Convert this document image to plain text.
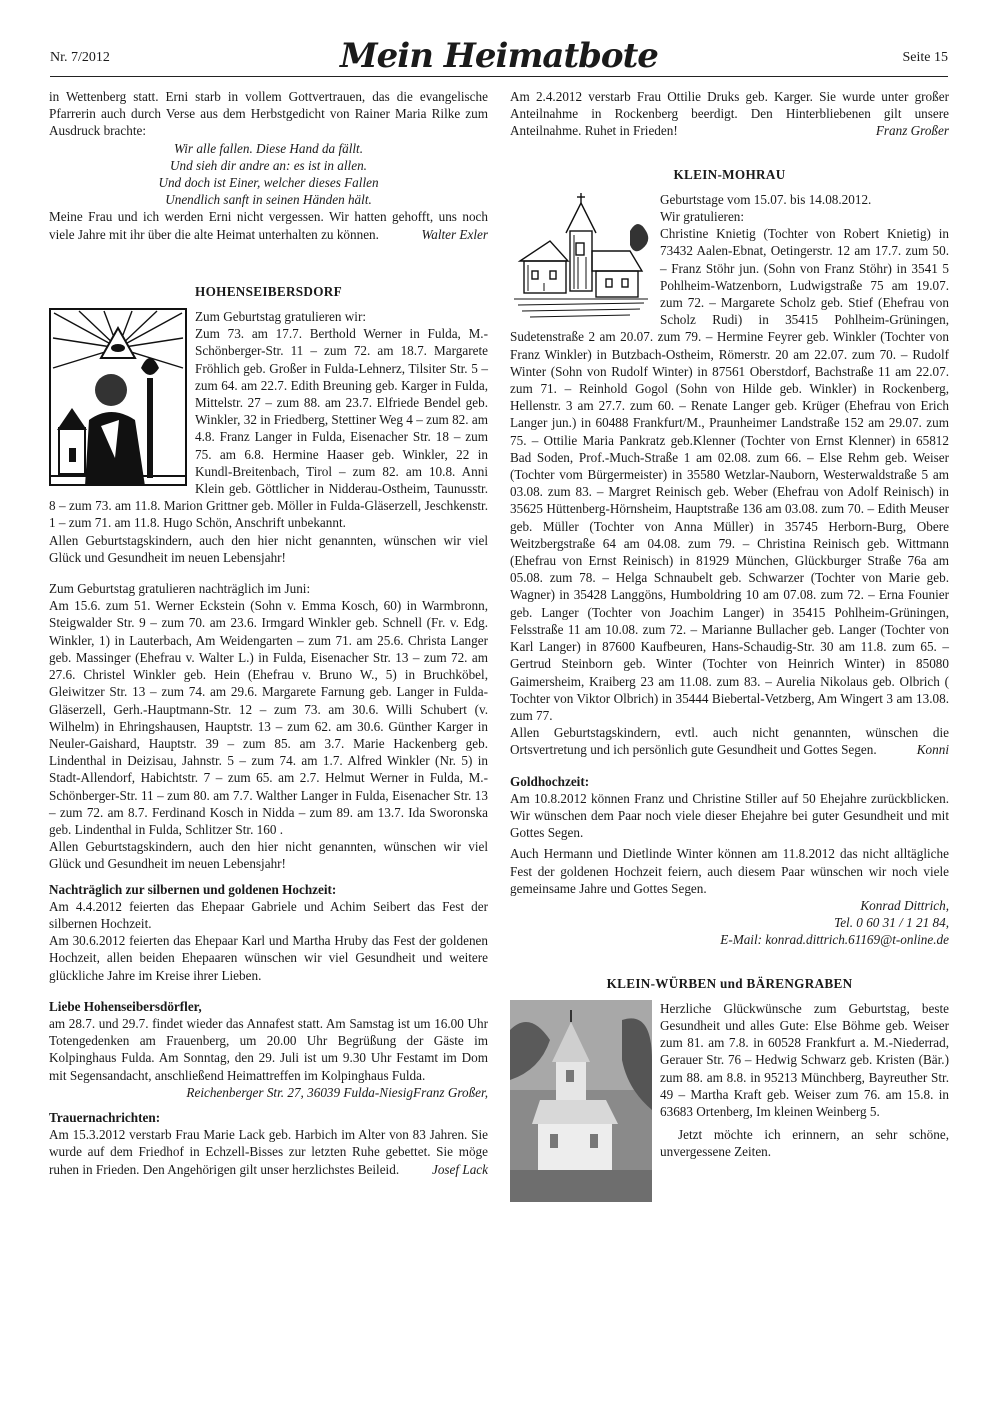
Nr. 7/2012	Mein Heimatbote	Seite 15

in Wettenberg statt. Erni starb in vollem Gottvertrauen, das die evangelische Pfarrerin auch durch Verse aus dem Herbstgedicht von Rainer Maria Rilke zum Ausdruck brachte:

Wir alle fallen. Diese Hand da fällt.
Und sieh dir andre an: es ist in allen.
Und doch ist Einer, welcher dieses Fallen
Unendlich sanft in seinen Händen hält.

Meine Frau und ich werden Erni nicht vergessen. Wir hatten gehofft, uns noch viele Jahre mit ihr über die alte Heimat unterhalten zu können.	Walter Exler

HOHENSEIBERSDORF

Zum Geburtstag gratulieren wir:
Zum 73. am 17.7. Berthold Werner in Fulda, M.-Schönberger-Str. 11 – zum 72. am 18.7. Margarete Fröhlich geb. Großer in Fulda-Lehnerz, Tilsiter Str. 5 – zum 64. am 22.7. Edith Breuning geb. Karger in Fulda, Mittelstr. 27 – zum 88. am 23.7. Elfriede Bendel geb. Winkler, 32 in Friedberg, Stettiner Weg 4 – zum 82. am 4.8. Franz Langer in Fulda, Eisenacher Str. 18 – zum 75. am 6.8. Hermine Haaser geb. Winkler, 22 in Kundl-Breitenbach, Tirol – zum 82. am 10.8. Anni Klein geb. Göttlicher in Nidderau-Ostheim, Taunusstr. 8 – zum 73. am 11.8. Marion Grittner geb. Möller in Fulda-Gläserzell, Jeschkenstr. 1 – zum 71. am 11.8. Hugo Schön, Anschrift unbekannt.

Allen Geburtstagskindern, auch den hier nicht genannten, wünschen wir viel Glück und Gesundheit im neuen Lebensjahr!

Zum Geburtstag gratulieren nachträglich im Juni:

Am 15.6. zum 51. Werner Eckstein (Sohn v. Emma Kosch, 60) in Warmbronn, Steigwalder Str. 9 – zum 70. am 23.6. Irmgard Winkler geb. Schnell (Fr. v. Edg. Winkler, 1) in Lauterbach, Am Weidengarten – zum 71. am 25.6. Christa Langer geb. Massinger (Ehefrau v. Walter L.) in Fulda, Eisenacher Str. 13 – zum 72. am 27.6. Christel Winkler geb. Hein (Ehefrau v. Bruno W., 5) in Bruchköbel, Gleiwitzer Str. 13 – zum 74. am 29.6. Margarete Farnung geb. Langer in Fulda-Gläserzell, Gerh.-Hauptmann-Str. 12 – zum 73. am 30.6. Willi Schubert (v. Wilhelm) in Ehringshausen, Hauptstr. 13 – zum 62. am 30.6. Günther Karger in Neuler-Gaishard, Hauptstr. 39 – zum 85. am 3.7. Marie Hackenberg geb. Lindenthal in Deizisau, Jahnstr. 5 – zum 74. am 1.7. Alfred Winkler (Nr. 5) in Stadt-Allendorf, Habichtstr. 7 – zum 65. am 2.7. Helmut Werner in Fulda, M.-Schönberger-Str. 11 – zum 80. am 7.7. Walther Langer in Fulda, Eisenacher Str. 13 – zum 72. am 8.7. Ferdinand Kosch in Nidda – zum 89. am 13.7. Ida Sworonska geb. Lindenthal in Fulda, Schlitzer Str. 160 .

Allen Geburtstagskindern, auch den hier nicht genannten, wünschen wir viel Glück und Gesundheit im neuen Lebensjahr!

Nachträglich zur silbernen und goldenen Hochzeit:

Am 4.4.2012 feierten das Ehepaar Gabriele und Achim Seibert das Fest der silbernen Hochzeit.

Am 30.6.2012 feierten das Ehepaar Karl und Martha Hruby das Fest der goldenen Hochzeit, allen beiden Ehepaaren wünschen wir viel Gesundheit und weitere glückliche Jahre im Kreise ihrer Lieben.

Liebe Hohenseibersdörfler,

am 28.7. und 29.7. findet wieder das Annafest statt. Am Samstag ist um 16.00 Uhr Totengedenken am Frauenberg, um 20.00 Uhr Begrüßung der Gäste im Kolpinghaus Fulda. Am Sonntag, den 29. Juli ist um 9.30 Uhr Festamt im Dom mit Segensandacht, anschließend Heimattreffen im Kolpinghaus Fulda.
Franz Großer,

Reichenberger Str. 27, 36039 Fulda-Niesig

Trauernachrichten:

Am 15.3.2012 verstarb Frau Marie Lack geb. Harbich im Alter von 83 Jahren. Sie wurde auf dem Friedhof in Echzell-Bisses zur letzten Ruhe gebettet. Sie möge ruhen in Frieden. Den Angehörigen gilt unser herzlichstes Beileid. Josef Lack

Am 2.4.2012 verstarb Frau Ottilie Druks geb. Karger. Sie wurde unter großer Anteilnahme in Rockenberg beerdigt. Den Hinterbliebenen gilt unsere Anteilnahme. Ruhet in Frieden!	Franz Großer

KLEIN-MOHRAU

Geburtstage vom 15.07. bis 14.08.2012.
Wir gratulieren:

Christine Knietig (Tochter von Robert Knietig) in 73432 Aalen-Ebnat, Oetingerstr. 12 am 17.7. zum 50. – Franz Stöhr jun. (Sohn von Franz Stöhr) in 3541 5 Pohlheim-Watzenborn, Ludwigstraße 75 am 19.07. zum 72. – Margarete Scholz geb. Stief (Ehefrau von Scholz Rudi) in 35415 Pohlheim-Grüningen, Sudetenstraße 2 am 20.07. zum 79. – Hermine Feyrer geb. Winkler (Tochter von Franz Winkler) in Butzbach-Ostheim, Römerstr. 20 am 22.07. zum 70. – Rudolf Winter (Sohn von Rudolf Winter) in 87561 Oberstdorf, Bachstraße 11 am 22.07. zum 71. – Reinhold Gogol (Sohn von Hilde geb. Winkler) in Rockenberg, Hellenstr. 3 am 27.7. zum 60. – Renate Langer geb. Krüger (Ehefrau von Erich Langer jun.) in 60488 Frankfurt/M., Praunheimer Landstraße 152 am 29.07. zum 75. – Ottilie Maria Pankratz geb.Klenner (Tochter von Ernst Klenner) in 65812 Bad Soden, Prof.-Much-Straße 1 am 02.08. zum 66. – Else Rehm geb. Weiser (Tochter vom Bürgermeister) in 35580 Wetzlar-Nauborn, Westerwaldstraße 5 am 03.08. zum 83. – Margret Reinisch geb. Weber (Ehefrau von Adolf Reinisch) in 35625 Hüttenberg-Hörnsheim, Hauptstraße 136 am 03.08. zum 70. – Edith Meuser geb. Müller (Tochter von Anna Müller) in 35745 Herborn-Burg, Obere Weitzbergstraße 64 am 04.08. zum 79. – Christina Reinisch geb. Wittmann (Ehefrau von Ernst Reinisch) in 81929 München, Glückburger Straße 76a am 05.08. zum 78. – Helga Schnaubelt geb. Schwarzer (Tochter von Marie geb. Wagner) in 35428 Langgöns, Humboldring 10 am 07.08. zum 72. – Erna Founier geb. Langer (Tochter von Joachim Langer) in 35415 Pohlheim-Grüningen, Felsstraße 11 am 10.08. zum 72. – Marianne Bullacher geb. Langer (Tochter von Karl Langer) in 87600 Kaufbeuren, Hans-Schaudig-Str. 30 am 11.8. zum 65. – Gertrud Steinborn geb. Winter (Tochter von Heinrich Winter) in 85080 Gaimersheim, Kraiberg 23 am 11.08. zum 83. – Aurelia Nikolaus geb. Olbrich ( Tochter von Viktor Olbrich) in 35444 Biebertal-Vetzberg, Am Wingert 3 am 13.08. zum 77.

Allen Geburtstagskindern, evtl. auch nicht genannten, wünschen die Ortsvertretung und ich persönlich gute Gesundheit und Gottes Segen.	Konni

Goldhochzeit:

Am 10.8.2012 können Franz und Christine Stiller auf 50 Ehejahre zurückblicken. Wir wünschen dem Paar noch viele dieser Ehejahre bei guter Gesundheit und mit Gottes Segen.

Auch Hermann und Dietlinde Winter können am 11.8.2012 das nicht alltägliche Fest der goldenen Hochzeit feiern, auch diesem Paar wünschen wir noch viele gemeinsame Jahre und Gottes Segen.

Konrad Dittrich,
Tel. 0 60 31 / 1 21 84,
E-Mail: konrad.dittrich.61169@t-online.de
KLEIN-WÜRBEN und BÄRENGRABEN

Herzliche Glückwünsche zum Geburtstag, beste Gesundheit und alles Gute: Else Böhme geb. Weiser zum 81. am 7.8. in 60528 Frankfurt a. M.-Niederrad, Gerauer Str. 76 – Hedwig Schwarz geb. Kristen (Bär.) zum 88. am 8.8. in 95213 Münchberg, Bayreuther Str. 49 – Martha Kraft geb. Weiser zum 76. am 15.8. in 63683 Ortenberg, Im kleinen Weinberg 5.

Jetzt möchte ich erinnern, an sehr schöne, unvergessene Zeiten.
